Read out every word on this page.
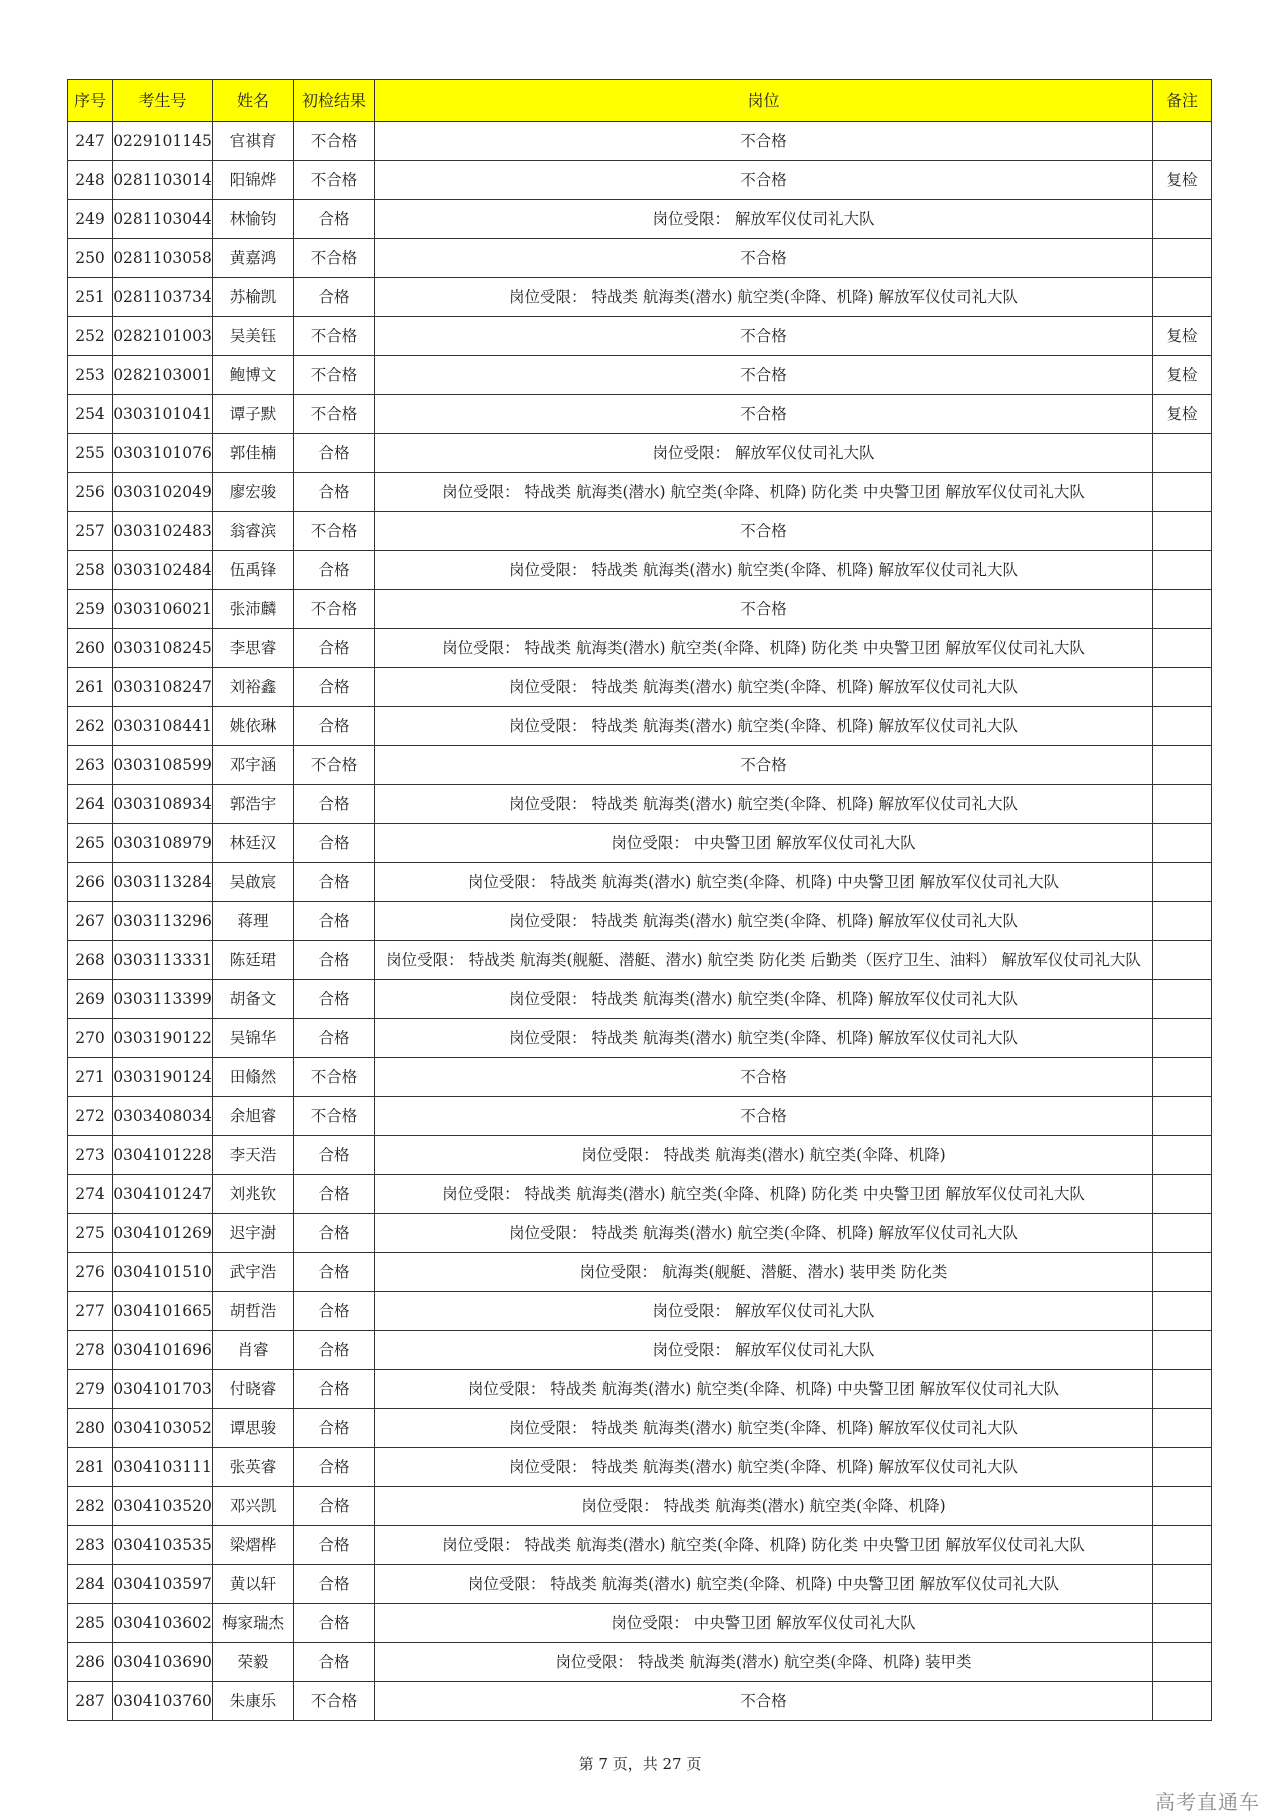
序号	考生号	姓名	初检结果	岗位	备注
247	0229101145	官祺育	不合格	不合格	
248	0281103014	阳锦烨	不合格	不合格	复检
249	0281103044	林愉钧	合格	岗位受限： 解放军仪仗司礼大队	
250	0281103058	黄嘉鸿	不合格	不合格	
251	0281103734	苏榆凯	合格	岗位受限： 特战类 航海类(潜水) 航空类(伞降、机降) 解放军仪仗司礼大队	
252	0282101003	吴美钰	不合格	不合格	复检
253	0282103001	鲍博文	不合格	不合格	复检
254	0303101041	谭子默	不合格	不合格	复检
255	0303101076	郭佳楠	合格	岗位受限： 解放军仪仗司礼大队	
256	0303102049	廖宏骏	合格	岗位受限： 特战类 航海类(潜水) 航空类(伞降、机降) 防化类 中央警卫团 解放军仪仗司礼大队	
257	0303102483	翁睿滨	不合格	不合格	
258	0303102484	伍禹锋	合格	岗位受限： 特战类 航海类(潜水) 航空类(伞降、机降) 解放军仪仗司礼大队	
259	0303106021	张沛麟	不合格	不合格	
260	0303108245	李思睿	合格	岗位受限： 特战类 航海类(潜水) 航空类(伞降、机降) 防化类 中央警卫团 解放军仪仗司礼大队	
261	0303108247	刘裕鑫	合格	岗位受限： 特战类 航海类(潜水) 航空类(伞降、机降) 解放军仪仗司礼大队	
262	0303108441	姚依琳	合格	岗位受限： 特战类 航海类(潜水) 航空类(伞降、机降) 解放军仪仗司礼大队	
263	0303108599	邓宇涵	不合格	不合格	
264	0303108934	郭浩宇	合格	岗位受限： 特战类 航海类(潜水) 航空类(伞降、机降) 解放军仪仗司礼大队	
265	0303108979	林廷汉	合格	岗位受限： 中央警卫团 解放军仪仗司礼大队	
266	0303113284	吴啟宸	合格	岗位受限： 特战类 航海类(潜水) 航空类(伞降、机降) 中央警卫团 解放军仪仗司礼大队	
267	0303113296	蒋理	合格	岗位受限： 特战类 航海类(潜水) 航空类(伞降、机降) 解放军仪仗司礼大队	
268	0303113331	陈廷珺	合格	岗位受限： 特战类 航海类(舰艇、潜艇、潜水) 航空类 防化类 后勤类（医疗卫生、油料） 解放军仪仗司礼大队	
269	0303113399	胡备文	合格	岗位受限： 特战类 航海类(潜水) 航空类(伞降、机降) 解放军仪仗司礼大队	
270	0303190122	吴锦华	合格	岗位受限： 特战类 航海类(潜水) 航空类(伞降、机降) 解放军仪仗司礼大队	
271	0303190124	田翛然	不合格	不合格	
272	0303408034	余旭睿	不合格	不合格	
273	0304101228	李天浩	合格	岗位受限： 特战类 航海类(潜水) 航空类(伞降、机降)	
274	0304101247	刘兆钦	合格	岗位受限： 特战类 航海类(潜水) 航空类(伞降、机降) 防化类 中央警卫团 解放军仪仗司礼大队	
275	0304101269	迟宇澍	合格	岗位受限： 特战类 航海类(潜水) 航空类(伞降、机降) 解放军仪仗司礼大队	
276	0304101510	武宇浩	合格	岗位受限： 航海类(舰艇、潜艇、潜水) 装甲类 防化类	
277	0304101665	胡哲浩	合格	岗位受限： 解放军仪仗司礼大队	
278	0304101696	肖睿	合格	岗位受限： 解放军仪仗司礼大队	
279	0304101703	付晓睿	合格	岗位受限： 特战类 航海类(潜水) 航空类(伞降、机降) 中央警卫团 解放军仪仗司礼大队	
280	0304103052	谭思骏	合格	岗位受限： 特战类 航海类(潜水) 航空类(伞降、机降) 解放军仪仗司礼大队	
281	0304103111	张英睿	合格	岗位受限： 特战类 航海类(潜水) 航空类(伞降、机降) 解放军仪仗司礼大队	
282	0304103520	邓兴凯	合格	岗位受限： 特战类 航海类(潜水) 航空类(伞降、机降)	
283	0304103535	梁熠桦	合格	岗位受限： 特战类 航海类(潜水) 航空类(伞降、机降) 防化类 中央警卫团 解放军仪仗司礼大队	
284	0304103597	黄以轩	合格	岗位受限： 特战类 航海类(潜水) 航空类(伞降、机降) 中央警卫团 解放军仪仗司礼大队	
285	0304103602	梅家瑞杰	合格	岗位受限： 中央警卫团 解放军仪仗司礼大队	
286	0304103690	荣毅	合格	岗位受限： 特战类 航海类(潜水) 航空类(伞降、机降) 装甲类	
287	0304103760	朱康乐	不合格	不合格	
第 7 页，共 27 页
高考直通车
